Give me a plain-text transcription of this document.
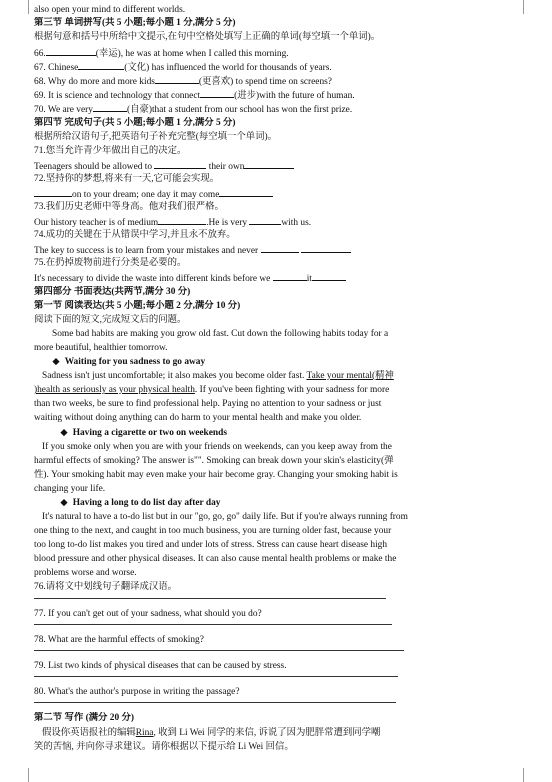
also open your mind to different worlds.
第三节 单词拼写(共 5 小题;每小题 1 分,满分 5 分)
根据句意和括号中所给中文提示,在句中空格处填写上正确的单词(每空填一个单词)。
66.	(幸运), he was at home when I called this morning.
67. Chinese	(文化) has influenced the world for thousands of years.
68. Why do more and more kids	(更喜欢) to spend time on screens?
69. It is science and technology that connect	(进步)with the future of human.
70. We are very	(自豪)that a student from our school has won the first prize.
第四节 完成句子(共 5 小题;每小题 1 分,满分 5 分)
根据所给汉语句子,把英语句子补充完整(每空填一个单词)。
71.您当允许青少年做出自己的决定。
Teenagers should be allowed to	their own
72.坚持你的梦想,将来有一天,它可能会实现。
on to your dream; one day it may come
73.我们历史老师中等身高。他对我们很严格。
Our history teacher is of medium	.He is very	with us.
74.成功的关键在于从错误中学习,并且永不放弃。
The key to success is to learn from your mistakes and never
75.在扔掉废物前进行分类是必要的。
It's necessary to divide the waste into different kinds before we	it
第四部分 书面表达(共两节,满分 30 分)
第一节 阅读表达(共 5 小题;每小题 2 分,满分 10 分)
阅读下面的短文,完成短文后的问题。
Some bad habits are making you grow old fast. Cut down the following habits today for a
more beautiful, healthier tomorrow.
◆ Waiting for you sadness to go away
Sadness isn't just uncomfortable; it also makes you become older fast. Take your mental(精神
)health as seriously as your physical health. If you've been fighting with your sadness for more
than two weeks, be sure to find professional help. Paying no attention to your sadness or just
waiting without doing anything can do harm to your mental health and make you older.
◆ Having a cigarette or two on weekends
If you smoke only when you are with your friends on weekends, can you keep away from the
harmful effects of smoking? The answer is"". Smoking can break down your skin's elasticity(弹
性). Your smoking habit may even make your hair become gray. Changing your smoking habit is
changing your life.
◆ Having a long to do list day after day
It's natural to have a to-do list but in our "go, go, go" daily life. But if you're always running from
one thing to the next, and caught in too much business, you are turning older fast, because your
too long to-do list makes you tired and under lots of stress. Stress can cause heart disease high
blood pressure and other physical diseases. It can also cause mental health problems or make the
problems worse and worse.
76.请将文中划线句子翻译成汉语。
77. If you can't get out of your sadness, what should you do?
78. What are the harmful effects of smoking?
79. List two kinds of physical diseases that can be caused by stress.
80. What's the author's purpose in writing the passage?
第二节 写作 (满分 20 分)
假设你英语报社的编辑Rina, 收到 Li Wei 同学的来信, 诉说了因为肥胖常遭到同学嘲
笑的苦恼, 并向你寻求建议。请你根据以下提示给 Li Wei 回信。
